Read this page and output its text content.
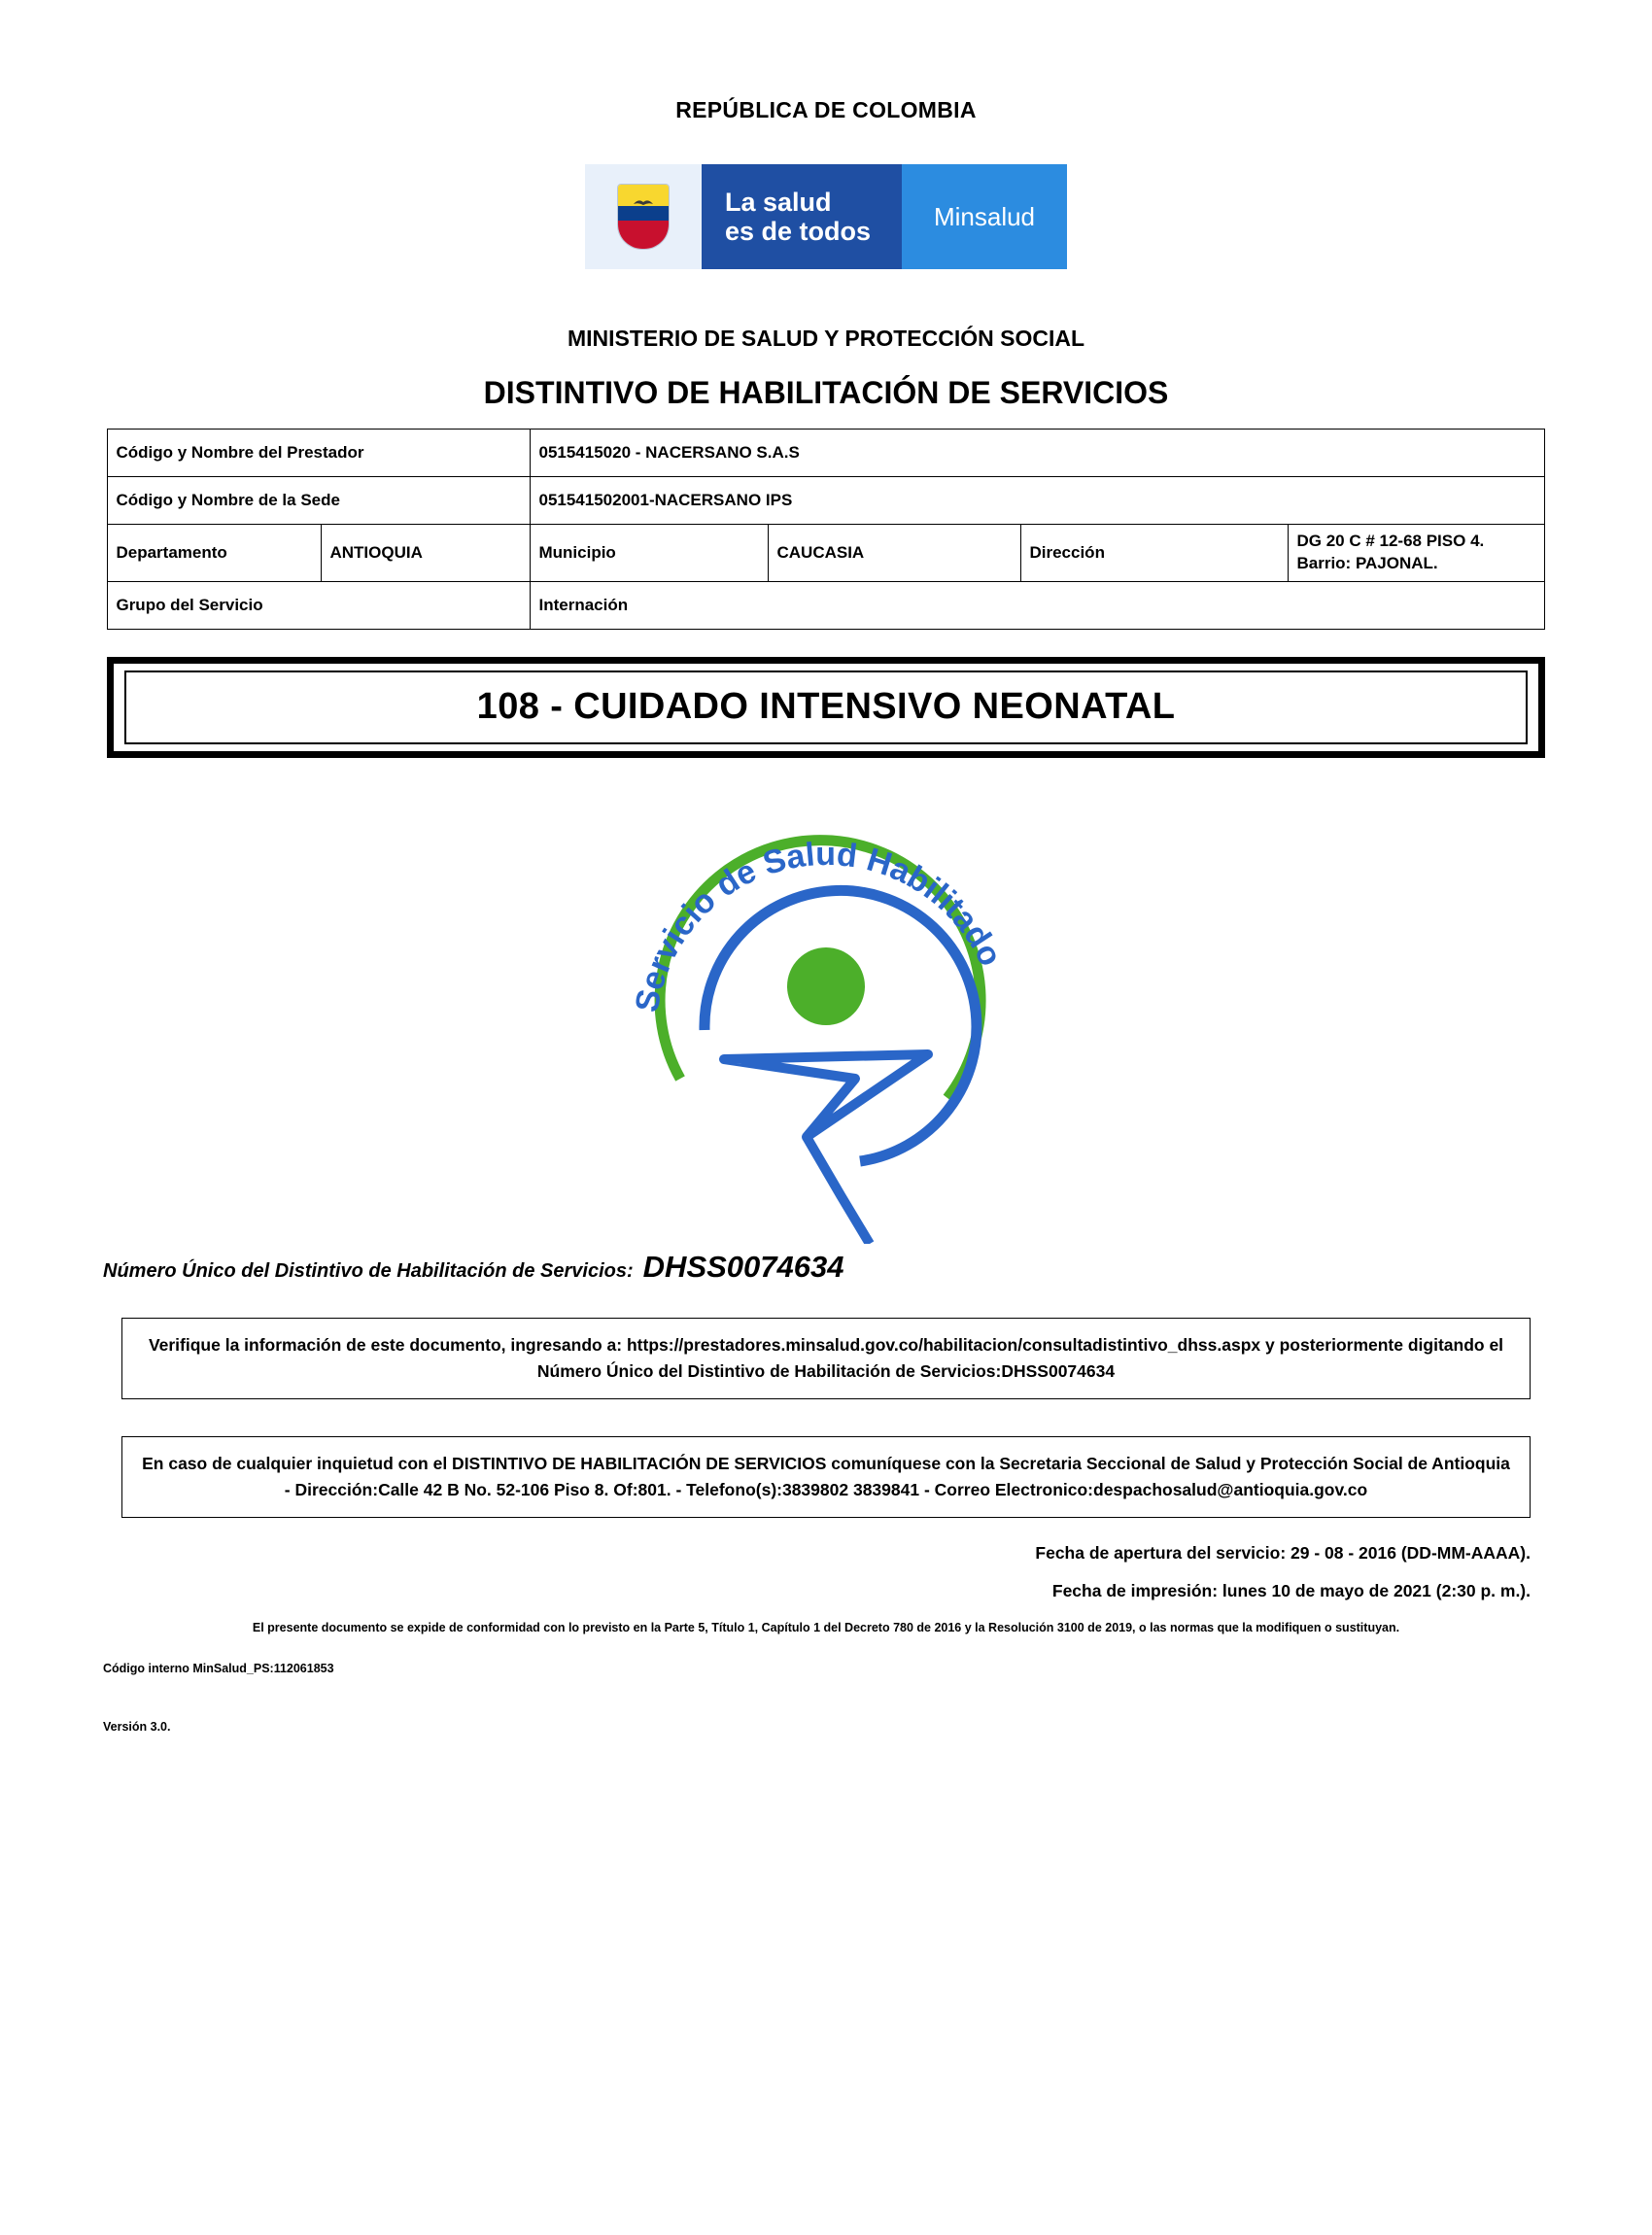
REPÚBLICA DE COLOMBIA
La salud
es de todos
Minsalud
MINISTERIO DE SALUD Y PROTECCIÓN SOCIAL
DISTINTIVO DE HABILITACIÓN DE SERVICIOS
Código y Nombre del Prestador		0515415020 - NACERSANO S.A.S			
Código y Nombre de la Sede		051541502001-NACERSANO IPS			
Departamento	ANTIOQUIA	Municipio	CAUCASIA	Dirección	DG 20 C # 12-68 PISO 4. Barrio: PAJONAL.
Grupo del Servicio		Internación			
108 - CUIDADO INTENSIVO NEONATAL
Servicio de Salud Habilitado
Número Único del Distintivo de Habilitación de Servicios: DHSS0074634
Verifique la información de este documento, ingresando a: https://prestadores.minsalud.gov.co/habilitacion/consultadistintivo_dhss.aspx y posteriormente digitando el Número Único del Distintivo de Habilitación de Servicios:DHSS0074634
En caso de cualquier inquietud con el DISTINTIVO DE HABILITACIÓN DE SERVICIOS comuníquese con la Secretaria Seccional de Salud y Protección Social de Antioquia - Dirección:Calle 42 B No. 52-106 Piso 8. Of:801. - Telefono(s):3839802 3839841 - Correo Electronico:despachosalud@antioquia.gov.co
Fecha de apertura del servicio: 29 - 08 - 2016 (DD-MM-AAAA).
Fecha de impresión: lunes 10 de mayo de 2021 (2:30 p. m.).
El presente documento se expide de conformidad con lo previsto en la Parte 5, Título 1, Capítulo 1 del Decreto 780 de 2016 y la Resolución 3100 de 2019, o las normas que la modifiquen o sustituyan.
Código interno MinSalud_PS:112061853
Versión 3.0.
